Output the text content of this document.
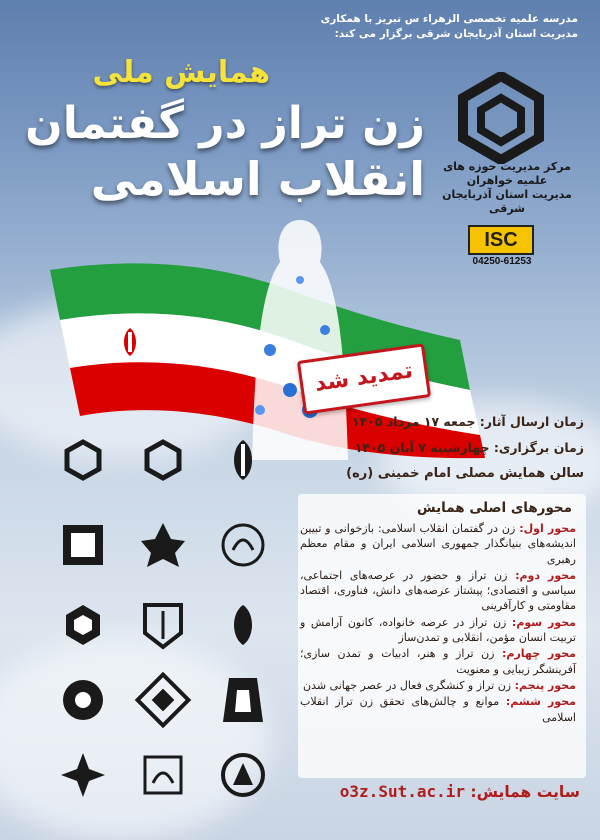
مدرسه علمیه تخصصی الزهراء س تبریز با همکاری
مدیریت استان آذربایجان شرقی برگزار می کند:
همایش ملی
زن تراز در گفتمان
انقلاب اسلامی	مرکز مدیریت حوزه های علمیه خواهران
مدیریت استان آذربایجان شرقی
ISC
04250-61253
تمدید شد
زمان ارسال آثار: جمعه ۱۷ مرداد ۱۴۰۵
زمان برگزاری: چهارشنبه ۷ آبان ۱۴۰۵
سالن همایش مصلی امام خمینی (ره)
محورهای اصلی همایش
محور اول: زن در گفتمان انقلاب اسلامی: بازخوانی و تبیین اندیشه‌های بنیانگذار جمهوری اسلامی ایران و مقام معظم رهبری
محور دوم: زن تراز و حضور در عرصه‌های اجتماعی، سیاسی و اقتصادی؛ پیشتاز عرصه‌های دانش، فناوری، اقتصاد مقاومتی و کارآفرینی
محور سوم: زن تراز در عرصه خانواده، کانون آرامش و تربیت انسان مؤمن، انقلابی و تمدن‌ساز
محور چهارم: زن تراز و هنر، ادبیات و تمدن سازی؛ آفرینشگر زیبایی و معنویت
محور پنجم: زن تراز و کنشگری فعال در عصر جهانی شدن
محور ششم: موانع و چالش‌های تحقق زن تراز انقلاب اسلامی
سایت همایش: o3z.Sut.ac.ir
